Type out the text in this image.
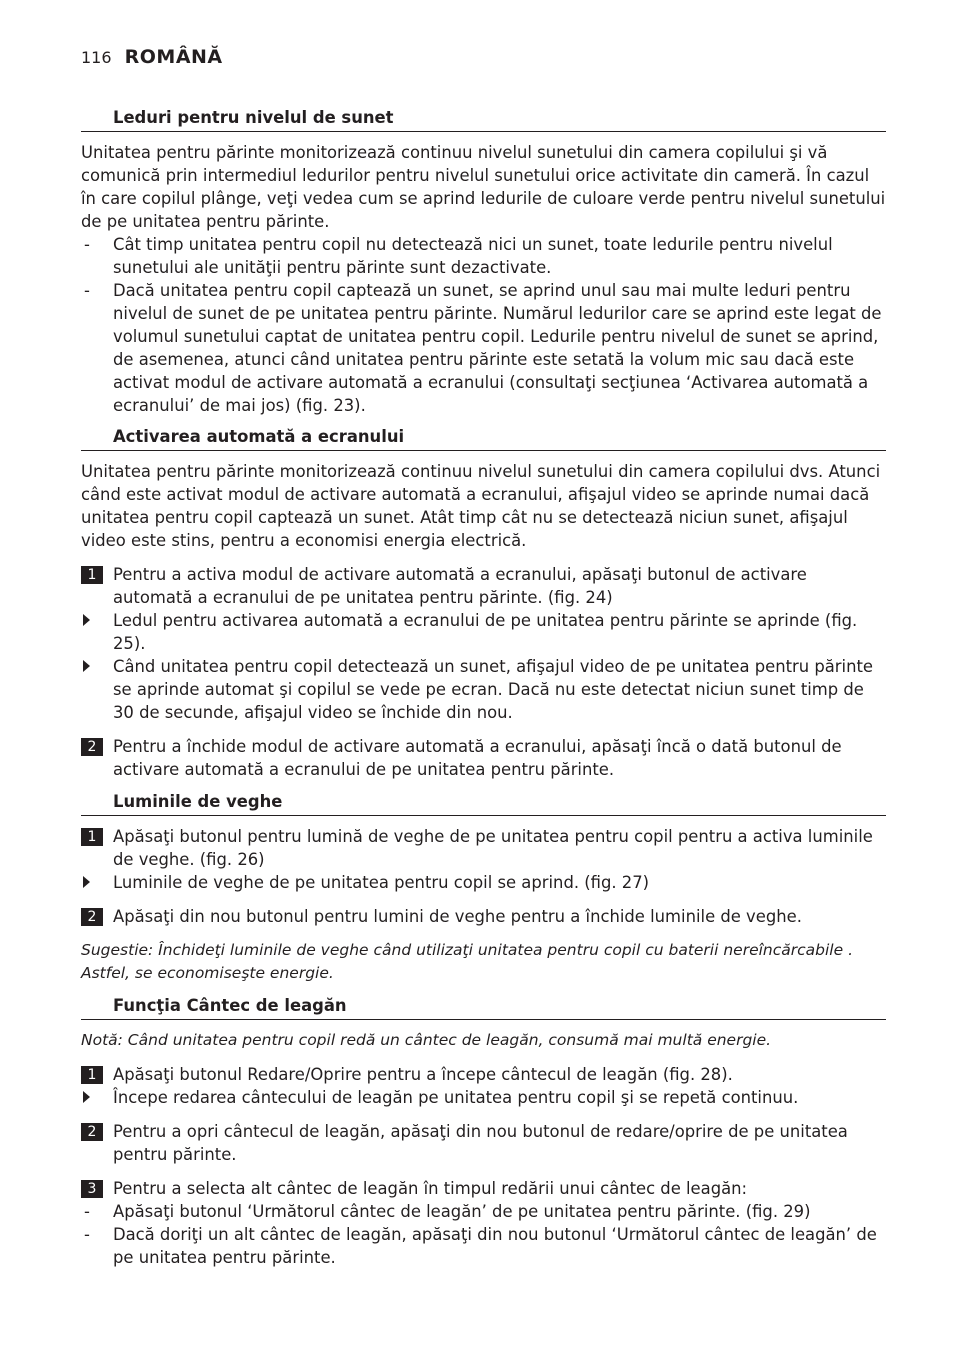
116 ROMÂNĂ
Leduri pentru nivelul de sunet

Unitatea pentru părinte monitorizează continuu nivelul sunetului din camera copilului şi vă comunică prin intermediul ledurilor pentru nivelul sunetului orice activitate din cameră. În cazul în care copilul plânge, veţi vedea cum se aprind ledurile de culoare verde pentru nivelul sunetului de pe unitatea pentru părinte.

- Cât timp unitatea pentru copil nu detectează nici un sunet, toate ledurile pentru nivelul sunetului ale unităţii pentru părinte sunt dezactivate.
- Dacă unitatea pentru copil captează un sunet, se aprind unul sau mai multe leduri pentru nivelul de sunet de pe unitatea pentru părinte. Numărul ledurilor care se aprind este legat de volumul sunetului captat de unitatea pentru copil. Ledurile pentru nivelul de sunet se aprind, de asemenea, atunci când unitatea pentru părinte este setată la volum mic sau dacă este activat modul de activare automată a ecranului (consultaţi secţiunea ‘Activarea automată a ecranului’ de mai jos) (fig. 23).
Activarea automată a ecranului

Unitatea pentru părinte monitorizează continuu nivelul sunetului din camera copilului dvs. Atunci când este activat modul de activare automată a ecranului, afişajul video se aprinde numai dacă unitatea pentru copil captează un sunet. Atât timp cât nu se detectează niciun sunet, afişajul video este stins, pentru a economisi energia electrică.

1	Pentru a activa modul de activare automată a ecranului, apăsaţi butonul de activare automată a ecranului de pe unitatea pentru părinte. (fig. 24)
Ledul pentru activarea automată a ecranului de pe unitatea pentru părinte se aprinde (fig. 25).
Când unitatea pentru copil detectează un sunet, afişajul video de pe unitatea pentru părinte se aprinde automat şi copilul se vede pe ecran. Dacă nu este detectat niciun sunet timp de 30 de secunde, afişajul video se închide din nou.
2	Pentru a închide modul de activare automată a ecranului, apăsaţi încă o dată butonul de activare automată a ecranului de pe unitatea pentru părinte.
Luminile de veghe
1	Apăsaţi butonul pentru lumină de veghe de pe unitatea pentru copil pentru a activa luminile de veghe. (fig. 26)
Luminile de veghe de pe unitatea pentru copil se aprind. (fig. 27)
2	Apăsaţi din nou butonul pentru lumini de veghe pentru a închide luminile de veghe.

Sugestie: Închideţi luminile de veghe când utilizaţi unitatea pentru copil cu baterii nereîncărcabile . Astfel, se economiseşte energie.

Funcţia Cântec de leagăn

Notă: Când unitatea pentru copil redă un cântec de leagăn, consumă mai multă energie.

1	Apăsaţi butonul Redare/Oprire pentru a începe cântecul de leagăn (fig. 28).
Începe redarea cântecului de leagăn pe unitatea pentru copil şi se repetă continuu.
2	Pentru a opri cântecul de leagăn, apăsaţi din nou butonul de redare/oprire de pe unitatea pentru părinte.
3	Pentru a selecta alt cântec de leagăn în timpul redării unui cântec de leagăn:
- Apăsaţi butonul ‘Următorul cântec de leagăn’ de pe unitatea pentru părinte. (fig. 29)
- Dacă doriţi un alt cântec de leagăn, apăsaţi din nou butonul ‘Următorul cântec de leagăn’ de pe unitatea pentru părinte.
